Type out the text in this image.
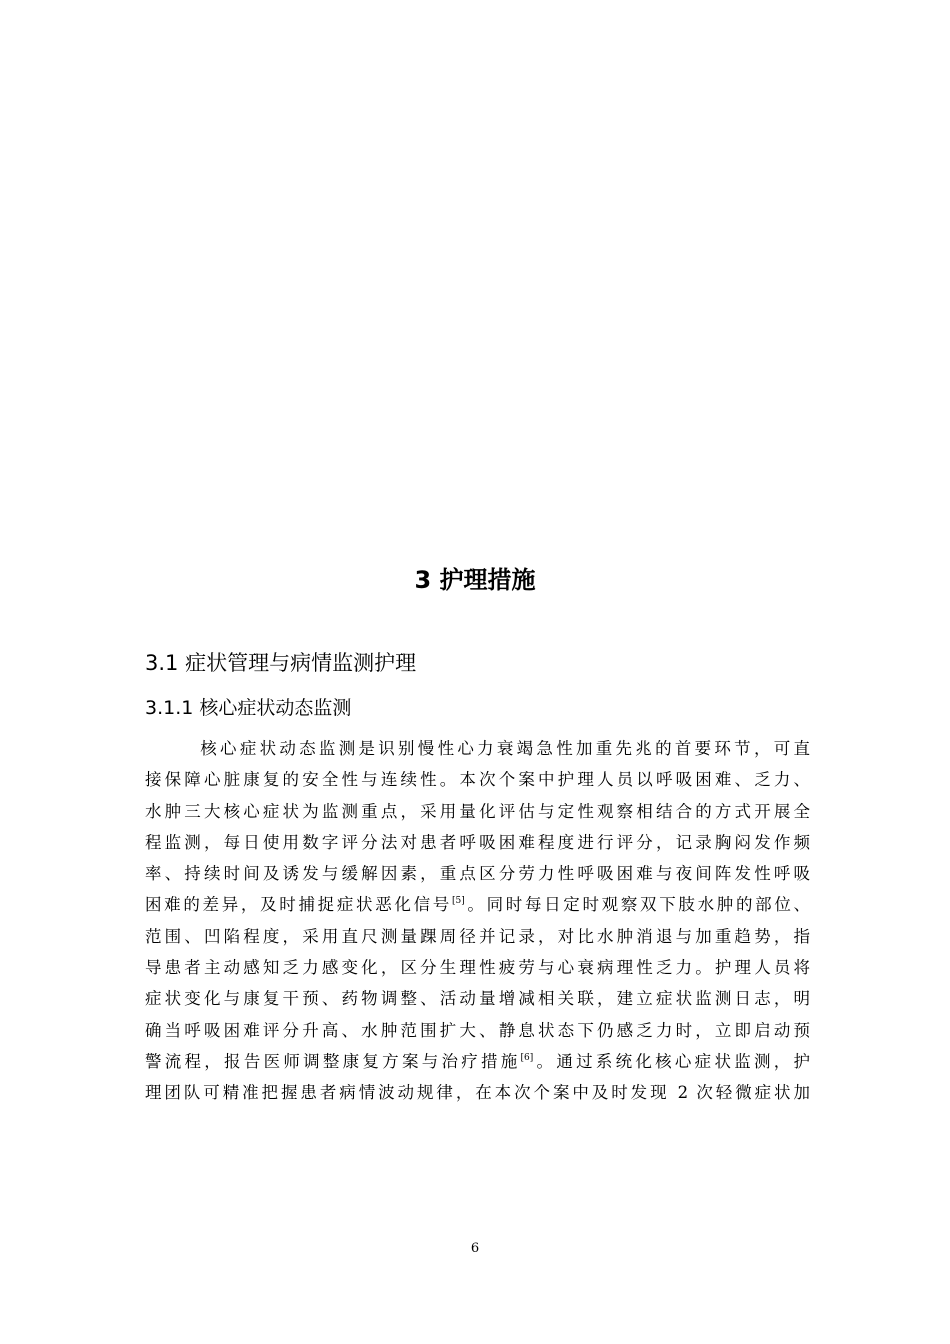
3 护理措施
3.1 症状管理与病情监测护理
3.1.1 核心症状动态监测
核心症状动态监测是识别慢性心力衰竭急性加重先兆的首要环节，可直
接保障心脏康复的安全性与连续性。本次个案中护理人员以呼吸困难、乏力、
水肿三大核心症状为监测重点，采用量化评估与定性观察相结合的方式开展全
程监测，每日使用数字评分法对患者呼吸困难程度进行评分，记录胸闷发作频
率、持续时间及诱发与缓解因素，重点区分劳力性呼吸困难与夜间阵发性呼吸
困难的差异，及时捕捉症状恶化信号[5]。同时每日定时观察双下肢水肿的部位、
范围、凹陷程度，采用直尺测量踝周径并记录，对比水肿消退与加重趋势，指
导患者主动感知乏力感变化，区分生理性疲劳与心衰病理性乏力。护理人员将
症状变化与康复干预、药物调整、活动量增减相关联，建立症状监测日志，明
确当呼吸困难评分升高、水肿范围扩大、静息状态下仍感乏力时，立即启动预
警流程，报告医师调整康复方案与治疗措施[6]。通过系统化核心症状监测，护
理团队可精准把握患者病情波动规律，在本次个案中及时发现 2 次轻微症状加
6
